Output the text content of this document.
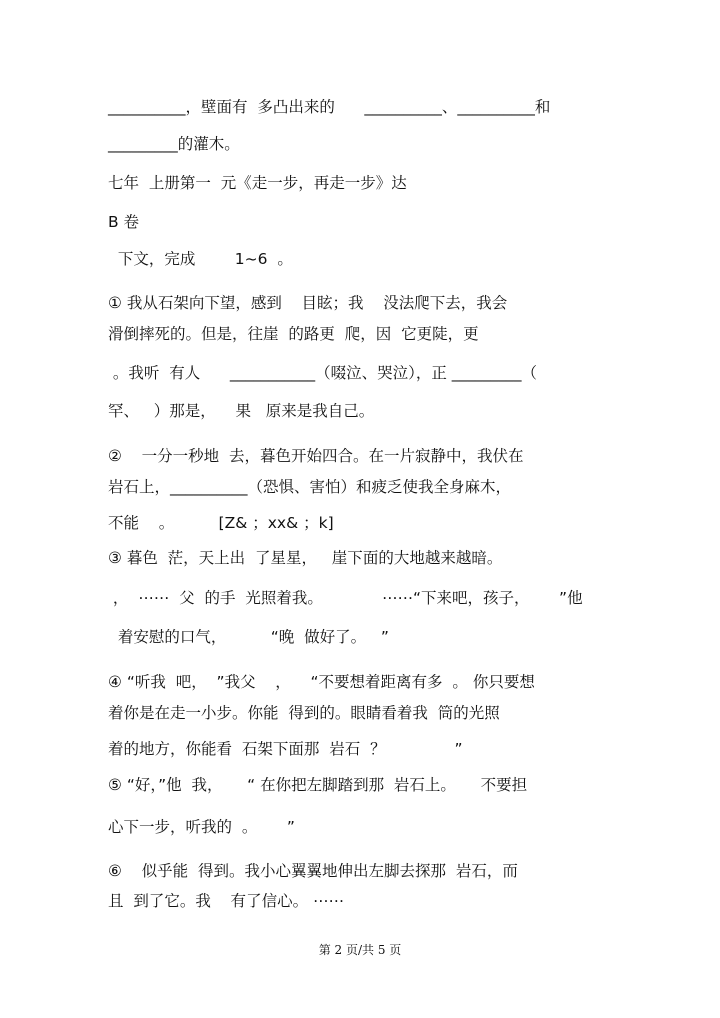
__________，壁面有  多凸出来的      __________、__________和
_________的灌木。
七年  上册第一  元《走一步，再走一步》达
B 卷
下文，完成        1~6  。
① 我从石架向下望，感到    目眩；我    没法爬下去，我会
滑倒摔死的。但是，往崖  的路更  爬，因  它更陡，更
。我听  有人      ___________（啜泣、哭泣），正 _________（
罕、   ）那是，    果   原来是我自己。
②    一分一秒地  去，暮色开始四合。在一片寂静中，我伏在
岩石上，__________（恐惧、害怕）和疲乏使我全身麻木，
不能    。         [Z& ；xx& ；k]
③ 暮色  茫，天上出  了星星，   崖下面的大地越来越暗。
，  ⋯⋯  父  的手  光照着我。            ⋯⋯“下来吧，孩子，      ”他
着安慰的口气，         “晚  做好了。   ”
④ “听我  吧，  ”我父    ，    “不要想着距离有多  。 你只要想
着你是在走一小步。你能  得到的。眼睛看着我  筒的光照
着的地方，你能看  石架下面那  岩石  ？              ”
⑤ “好，”他  我，     “ 在你把左脚踏到那  岩石上。     不要担
心下一步，听我的  。      ”
⑥    似乎能  得到。我小心翼翼地伸出左脚去探那  岩石，而
且  到了它。我    有了信心。 ⋯⋯
第 2 页/共 5 页
